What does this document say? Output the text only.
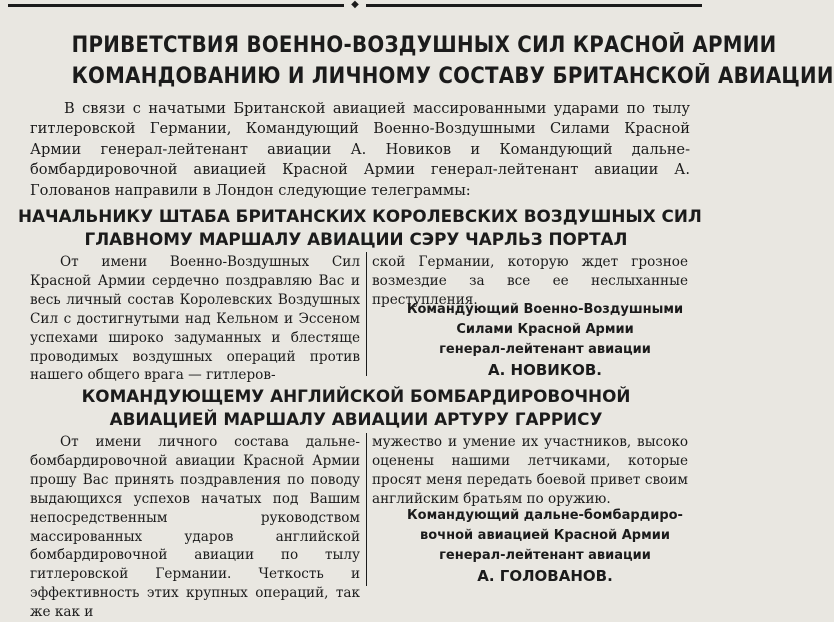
◆
ПРИВЕТСТВИЯ ВОЕННО-ВОЗДУШНЫХ СИЛ КРАСНОЙ АРМИИ
КОМАНДОВАНИЮ И ЛИЧНОМУ СОСТАВУ БРИТАНСКОЙ АВИАЦИИ
В связи с начатыми Британской авиацией массированными ударами по тылу гитлеровской Германии, Командующий Военно-Воздушными Силами Красной Армии генерал-лейтенант авиации А. Новиков и Командующий дальне-бомбардировочной авиацией Красной Армии генерал-лейтенант авиации А. Голованов направили в Лондон следующие телеграммы:
НАЧАЛЬНИКУ ШТАБА БРИТАНСКИХ КОРОЛЕВСКИХ ВОЗДУШНЫХ СИЛ
ГЛАВНОМУ МАРШАЛУ АВИАЦИИ СЭРУ ЧАРЛЬЗ ПОРТАЛ
От имени Военно-Воздушных Сил Красной Армии сердечно поздравляю Вас и весь личный состав Королевских Воздушных Сил с достигнутыми над Кельном и Эссеном успехами широко задуманных и блестяще проводимых воздушных операций против нашего общего врага — гитлеров-
ской Германии, которую ждет грозное возмездие за все ее неслыханные преступления.
Командующий Военно-Воздушными
Силами Красной Армии
генерал-лейтенант авиации
А. НОВИКОВ.
КОМАНДУЮЩЕМУ АНГЛИЙСКОЙ БОМБАРДИРОВОЧНОЙ
АВИАЦИЕЙ МАРШАЛУ АВИАЦИИ АРТУРУ ГАРРИСУ
От имени личного состава дальне-бомбардировочной авиации Красной Армии прошу Вас принять поздравления по поводу выдающихся успехов начатых под Вашим непосредственным руководством массированных ударов английской бомбардировочной авиации по тылу гитлеровской Германии. Четкость и эффективность этих крупных операций, так же как и
мужество и умение их участников, высоко оценены нашими летчиками, которые просят меня передать боевой привет своим английским братьям по оружию.
Командующий дальне-бомбардиро-
вочной авиацией Красной Армии
генерал-лейтенант авиации
А. ГОЛОВАНОВ.
